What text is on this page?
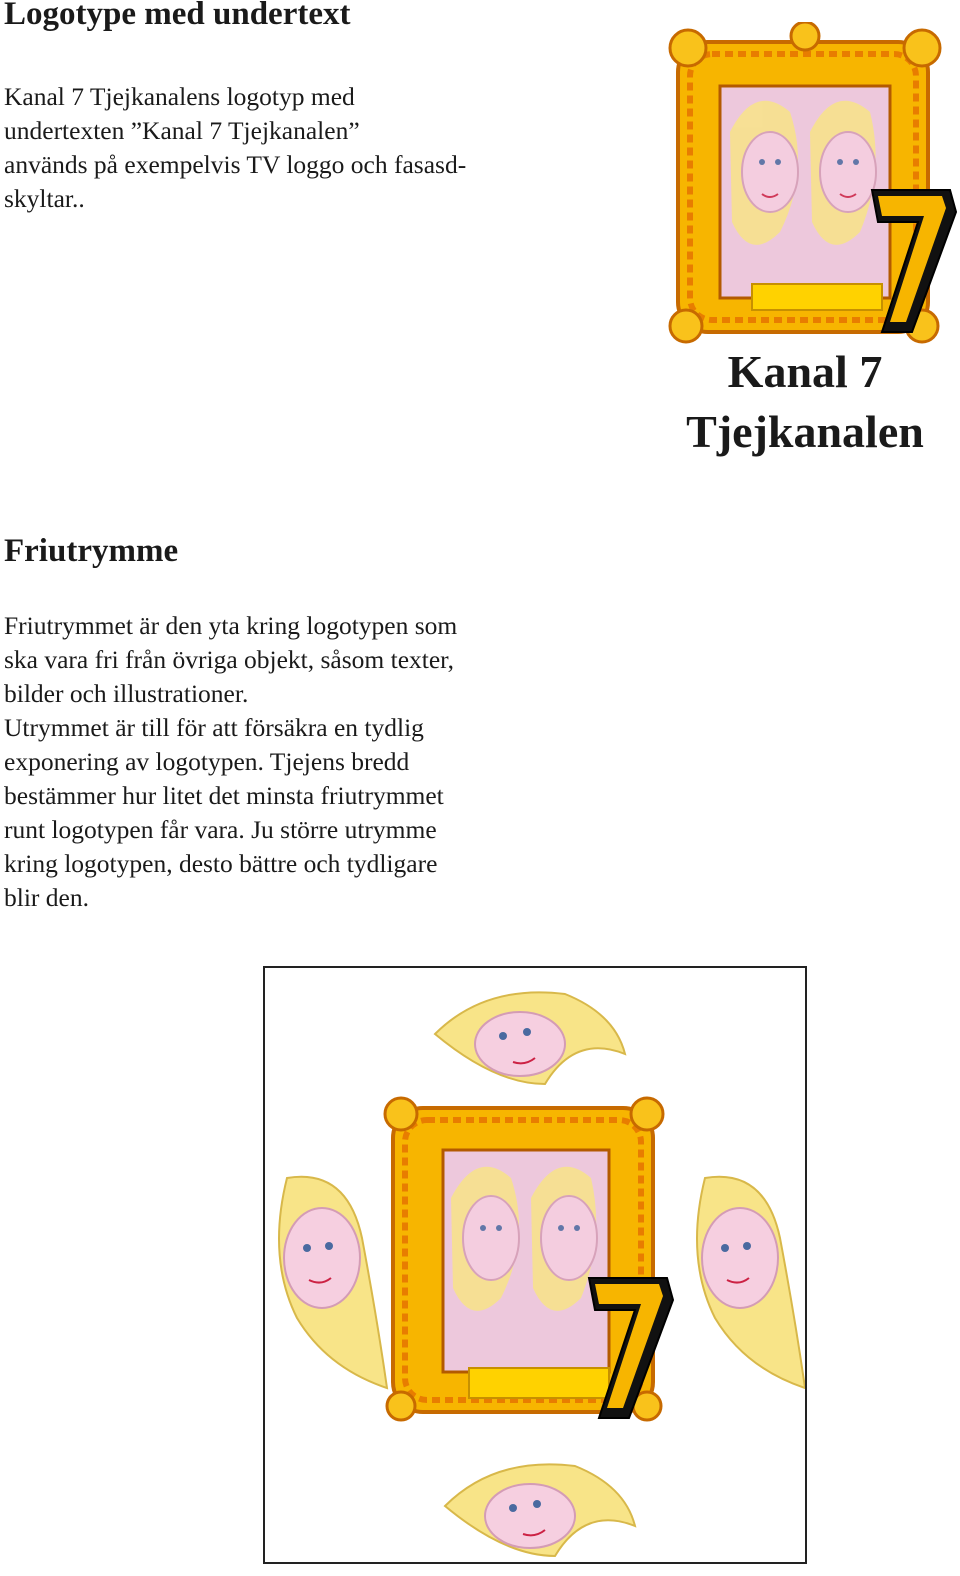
Logotype med undertext

Kanal 7 Tjejkanalens logotyp med
undertexten ”Kanal 7 Tjejkanalen”
används på exempelvis TV loggo och fasasd-
skyltar..

Kanal 7
Tjejkanalen
Friutrymme

Friutrymmet är den yta kring logotypen som
ska vara fri från övriga objekt, såsom texter,
bilder och illustrationer.
Utrymmet är till för att försäkra en tydlig
exponering av logotypen. Tjejens bredd
bestämmer hur litet det minsta friutrymmet
runt logotypen får vara. Ju större utrymme
kring logotypen, desto bättre och tydligare
blir den.
